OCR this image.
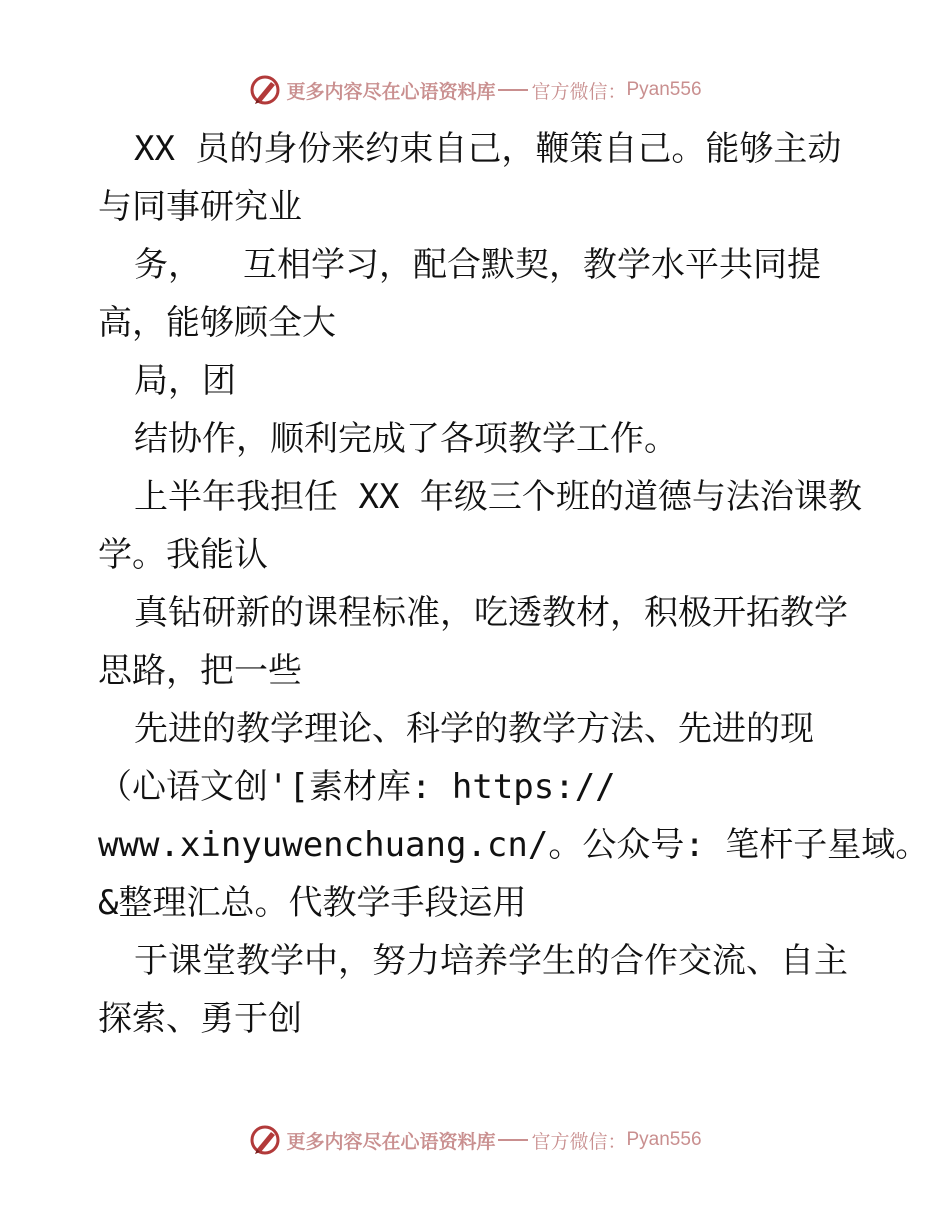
更多内容尽在心语资料库 官方微信： Pyan556
XX 员的身份来约束自己，鞭策自己。能够主动
与同事研究业
务，  互相学习，配合默契，教学水平共同提
高，能够顾全大
局，团
结协作，顺利完成了各项教学工作。
上半年我担任 XX 年级三个班的道德与法治课教
学。我能认
真钻研新的课程标准，吃透教材，积极开拓教学
思路，把一些
先进的教学理论、科学的教学方法、先进的现
（心语文创'[素材库: https://
www.xinyuwenchuang.cn/。公众号: 笔杆子星域。
&整理汇总。代教学手段运用
于课堂教学中，努力培养学生的合作交流、自主
探索、勇于创
更多内容尽在心语资料库 官方微信： Pyan556
